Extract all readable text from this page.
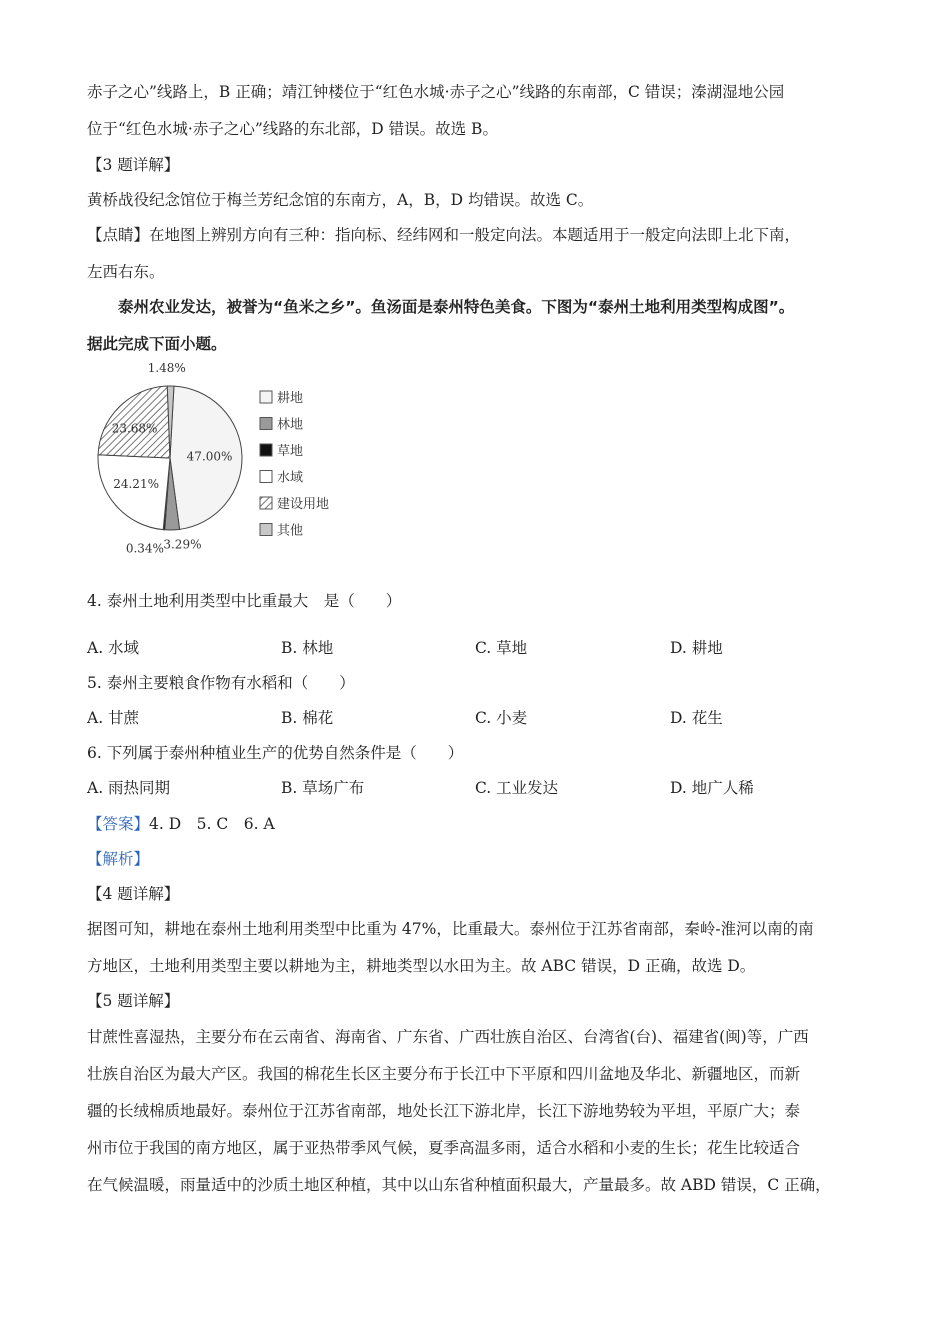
赤子之心”线路上，B 正确；靖江钟楼位于“红色水城·赤子之心”线路的东南部，C 错误；溱湖湿地公园
位于“红色水城·赤子之心”线路的东北部，D 错误。故选 B。
【3 题详解】
黄桥战役纪念馆位于梅兰芳纪念馆的东南方，A，B，D 均错误。故选 C。
【点睛】在地图上辨别方向有三种：指向标、经纬网和一般定向法。本题适用于一般定向法即上北下南，
左西右东。
泰州农业发达，被誉为“鱼米之乡”。鱼汤面是泰州特色美食。下图为“泰州土地利用类型构成图”。
据此完成下面小题。
47.00%
3.29%
0.34%
24.21%
23.68%
1.48%
耕地
林地
草地
水域
建设用地
其他
4. 泰州土地利用类型中比重最大　是（　　）
A. 水域	B. 林地	C. 草地	D. 耕地
5. 泰州主要粮食作物有水稻和（　　）
A. 甘蔗	B. 棉花	C. 小麦	D. 花生
6. 下列属于泰州种植业生产的优势自然条件是（　　）
A. 雨热同期	B. 草场广布	C. 工业发达	D. 地广人稀
【答案】4. D　5. C　6. A
【解析】
【4 题详解】
据图可知，耕地在泰州土地利用类型中比重为 47%，比重最大。泰州位于江苏省南部，秦岭-淮河以南的南
方地区，土地利用类型主要以耕地为主，耕地类型以水田为主。故 ABC 错误，D 正确，故选 D。
【5 题详解】
甘蔗性喜湿热，主要分布在云南省、海南省、广东省、广西壮族自治区、台湾省(台)、福建省(闽)等，广西
壮族自治区为最大产区。我国的棉花生长区主要分布于长江中下平原和四川盆地及华北、新疆地区，而新
疆的长绒棉质地最好。泰州位于江苏省南部，地处长江下游北岸，长江下游地势较为平坦，平原广大；泰
州市位于我国的南方地区，属于亚热带季风气候，夏季高温多雨，适合水稻和小麦的生长；花生比较适合
在气候温暖，雨量适中的沙质土地区种植，其中以山东省种植面积最大，产量最多。故 ABD 错误，C 正确，
